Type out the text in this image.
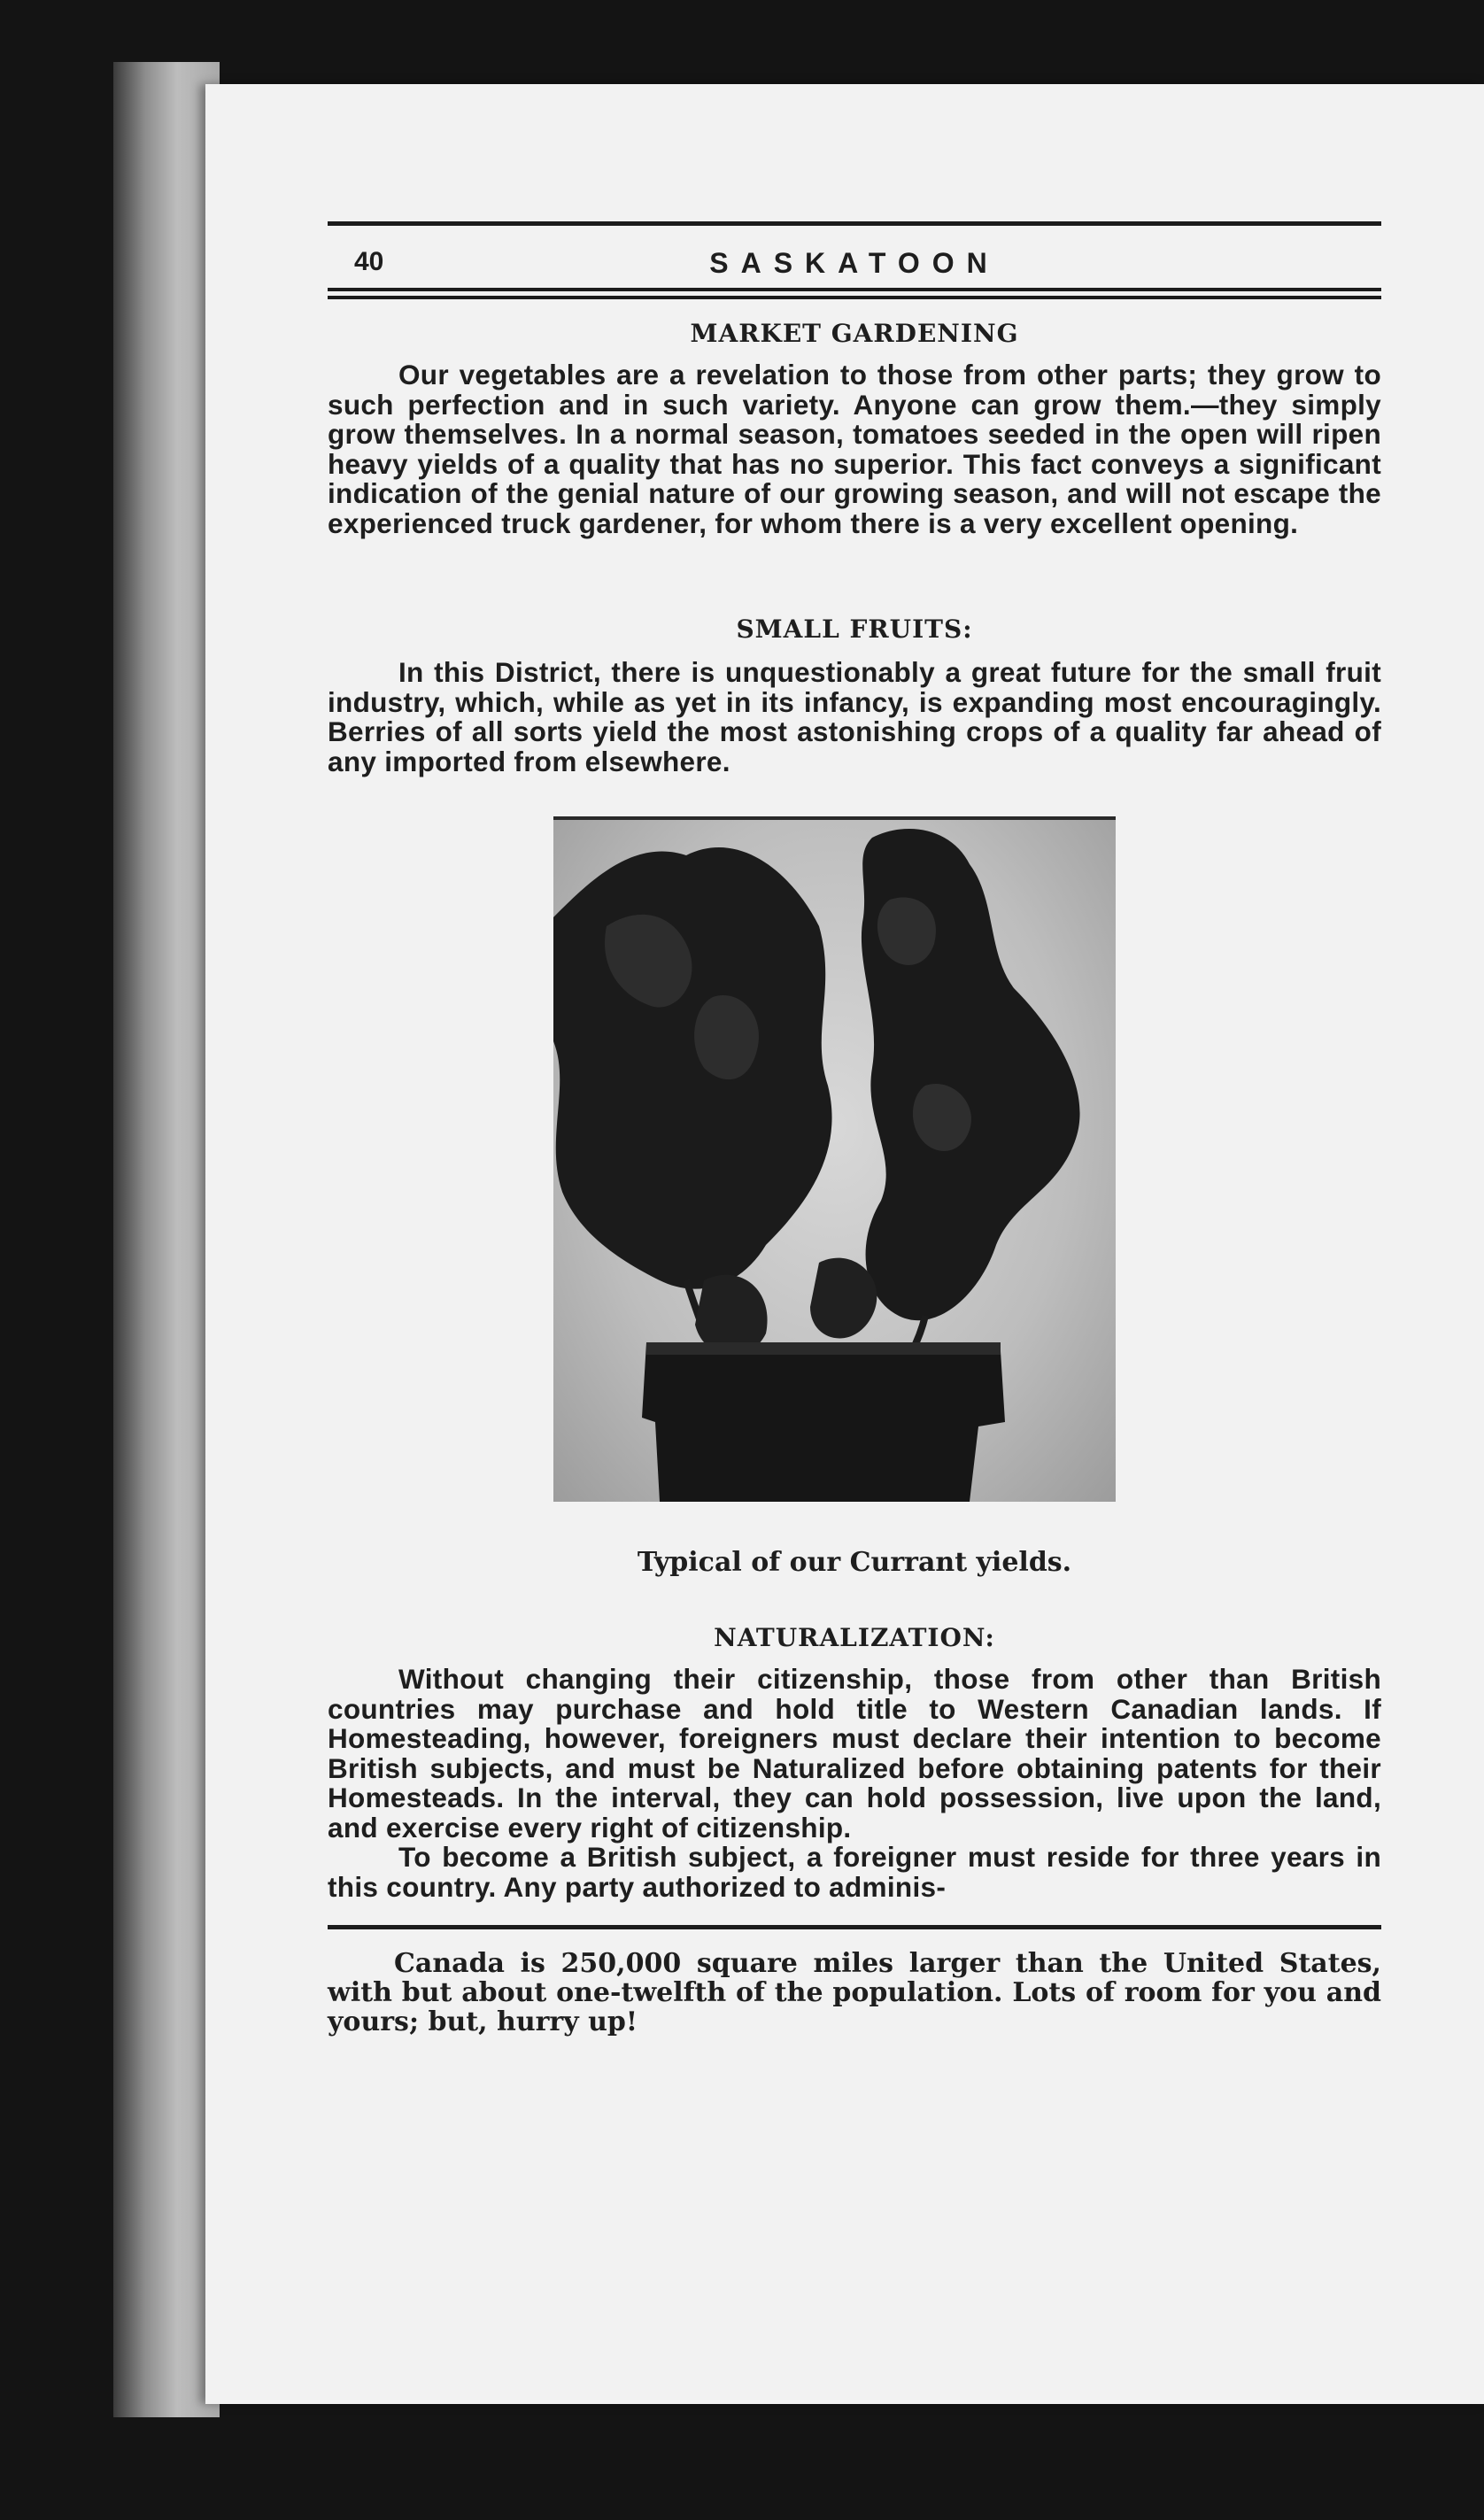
40	SASKATOON
MARKET GARDENING

Our vegetables are a revelation to those from other parts; they grow to such perfection and in such variety. Anyone can grow them.—they simply grow themselves. In a normal season, tomatoes seeded in the open will ripen heavy yields of a quality that has no superior. This fact conveys a significant indication of the genial nature of our growing season, and will not escape the experienced truck gardener, for whom there is a very excellent opening.

SMALL FRUITS:

In this District, there is unquestionably a great future for the small fruit industry, which, while as yet in its infancy, is expanding most encouragingly. Berries of all sorts yield the most astonishing crops of a quality far ahead of any imported from elsewhere.

Typical of our Currant yields.
NATURALIZATION:

Without changing their citizenship, those from other than British countries may purchase and hold title to Western Canadian lands. If Homesteading, however, foreigners must declare their intention to become British subjects, and must be Naturalized before obtaining patents for their Homesteads. In the interval, they can hold possession, live upon the land, and exercise every right of citizenship.

To become a British subject, a foreigner must reside for three years in this country. Any party authorized to adminis-

Canada is 250,000 square miles larger than the United States, with but about one-twelfth of the population. Lots of room for you and yours; but, hurry up!
